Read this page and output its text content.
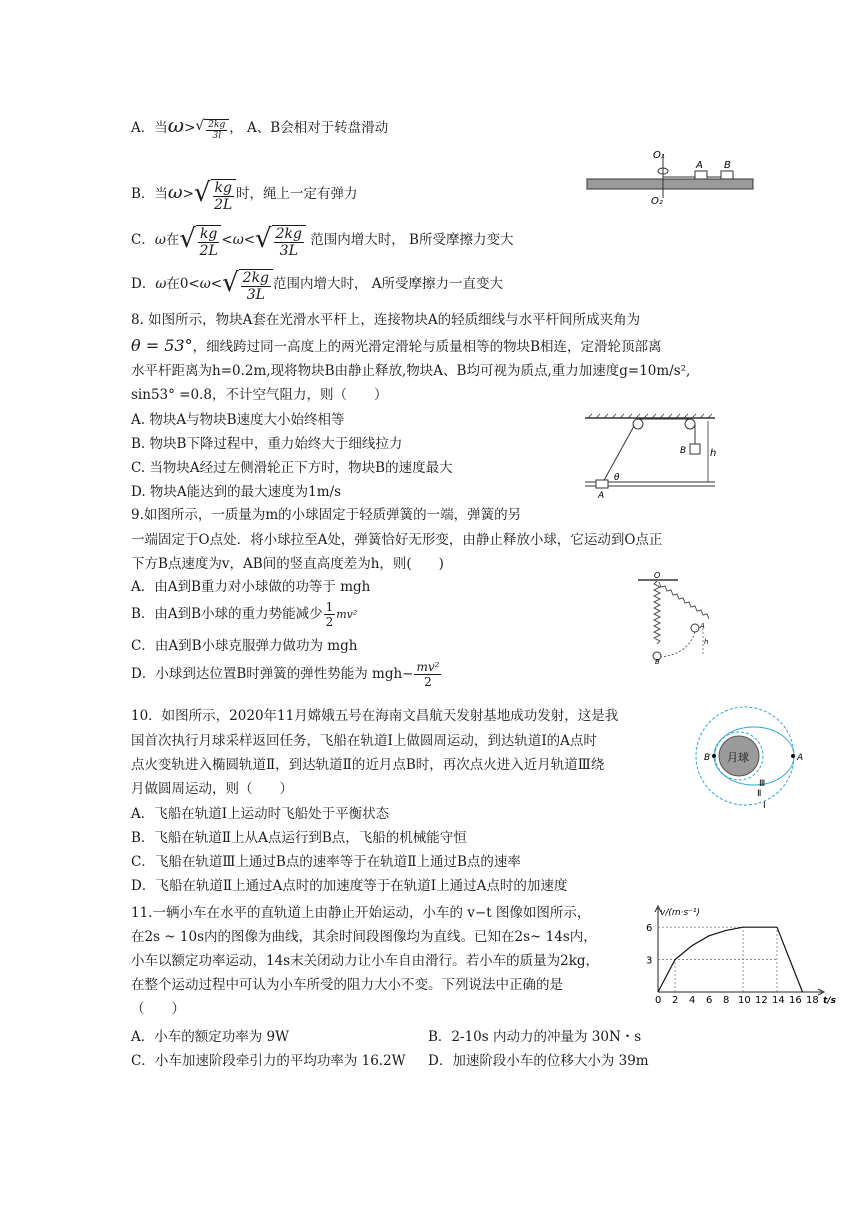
A．当ω> √ $\frac{2kg}{3l}$ ， A、B会相对于转盘滑动
B．当ω> √ $\frac{kg}{2L}$ 时，绳上一定有弹力
C．ω在 √ $\frac{kg}{2L} <\omega<$ √ $\frac{2kg}{3L}$ 范围内增大时， B所受摩擦力变大
D．ω在0<ω< √ $\frac{2kg}{3L}$ 范围内增大时， A所受摩擦力一直变大
O₁
A B
O₂
8. 如图所示，物块A套在光滑水平杆上，连接物块A的轻质细线与水平杆间所成夹角为
θ = 53°，细线跨过同一高度上的两光滑定滑轮与质量相等的物块B相连，定滑轮顶部离
水平杆距离为h=0.2m,现将物块B由静止释放,物块A、B均可视为质点,重力加速度g=10m/s²,
sin53° =0.8，不计空气阻力，则（　　）
A. 物块A与物块B速度大小始终相等
B. 物块B下降过程中，重力始终大于细线拉力
C. 当物块A经过左侧滑轮正下方时，物块B的速度最大
D. 物块A能达到的最大速度为1m/s
B h
θ
A
9.如图所示，一质量为m的小球固定于轻质弹簧的一端，弹簧的另
一端固定于O点处．将小球拉至A处，弹簧恰好无形变，由静止释放小球，它运动到O点正
下方B点速度为v，AB间的竖直高度差为h，则(　　)
A．由A到B重力对小球做的功等于 mgh
B．由A到B小球的重力势能减少 $\frac{1}{2} mv^2$
C．由A到B小球克服弹力做功为 mgh
D．小球到达位置B时弹簧的弹性势能为 $mgh- \frac{\text{mv²}}{2}$
O
A
h
B
10．如图所示，2020年11月嫦娥五号在海南文昌航天发射基地成功发射，这是我
国首次执行月球采样返回任务，飞船在轨道Ⅰ上做圆周运动，到达轨道Ⅰ的A点时
点火变轨进入椭圆轨道Ⅱ，到达轨道Ⅱ的近月点B时，再次点火进入近月轨道Ⅲ绕
月做圆周运动，则（　　）
A．飞船在轨道Ⅰ上运动时飞船处于平衡状态
B．飞船在轨道Ⅱ上从A点运行到B点，飞船的机械能守恒
C．飞船在轨道Ⅲ上通过B点的速率等于在轨道Ⅱ上通过B点的速率
D．飞船在轨道Ⅱ上通过A点时的加速度等于在轨道Ⅰ上通过A点时的加速度
月球
B	A
Ⅲ
Ⅱ
Ⅰ
11.一辆小车在水平的直轨道上由静止开始运动，小车的 v−t 图像如图所示，
在2s ~ 10s内的图像为曲线，其余时间段图像均为直线。已知在2s~ 14s内，
小车以额定功率运动，14s末关闭动力让小车自由滑行。若小车的质量为2kg，
在整个运动过程中可认为小车所受的阻力大小不变。下列说法中正确的是
（　　）
A．小车的额定功率为 9W	B．2-10s 内动力的冲量为 30N・s
C．小车加速阶段牵引力的平均功率为 16.2W D．加速阶段小车的位移大小为 39m
v/(m·s⁻¹)
t/s
0 2 4 6 8 10 12 14 16 18
3
6
